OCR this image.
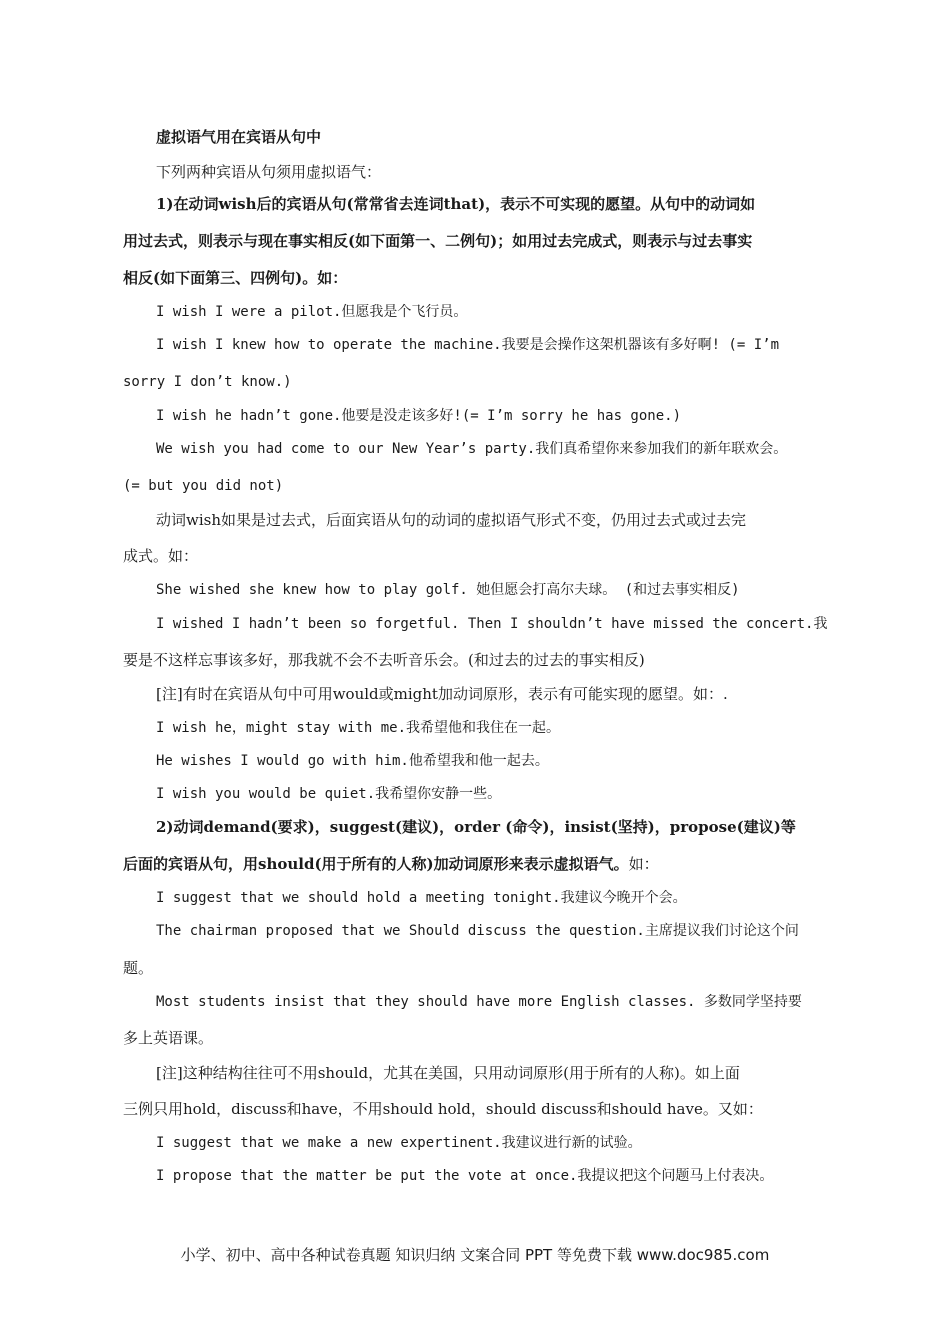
虚拟语气用在宾语从句中
下列两种宾语从句须用虚拟语气：
1)在动词wish后的宾语从句(常常省去连词that)，表示不可实现的愿望。从句中的动词如
用过去式，则表示与现在事实相反(如下面第一、二例句)；如用过去完成式，则表示与过去事实
相反(如下面第三、四例句)。如：
I wish I were a pilot.但愿我是个飞行员。
I wish I knew how to operate the machine.我要是会操作这架机器该有多好啊! (= I’m
sorry I don’t know.)
I wish he hadn’t gone.他要是没走该多好!(= I’m sorry he has gone.)
We wish you had come to our New Year’s party.我们真希望你来参加我们的新年联欢会。
(= but you did not)
动词wish如果是过去式，后面宾语从句的动词的虚拟语气形式不变，仍用过去式或过去完
成式。如：
She wished she knew how to play golf. 她但愿会打高尔夫球。 (和过去事实相反)
I wished I hadn’t been so forgetful. Then I shouldn’t have missed the concert.我
要是不这样忘事该多好，那我就不会不去听音乐会。(和过去的过去的事实相反)
[注]有时在宾语从句中可用would或might加动词原形，表示有可能实现的愿望。如：.
I wish he，might stay with me.我希望他和我住在一起。
He wishes I would go with him.他希望我和他一起去。
I wish you would be quiet.我希望你安静一些。
2)动词demand(要求)，suggest(建议)，order (命令)，insist(坚持)，propose(建议)等
后面的宾语从句，用should(用于所有的人称)加动词原形来表示虚拟语气。如：
I suggest that we should hold a meeting tonight.我建议今晚开个会。
The chairman proposed that we Should discuss the question.主席提议我们讨论这个问
题。
Most students insist that they should have more English classes. 多数同学坚持要
多上英语课。
[注]这种结构往往可不用should，尤其在美国，只用动词原形(用于所有的人称)。如上面
三例只用hold，discuss和have，不用should hold，should discuss和should have。又如：
I suggest that we make a new expertinent.我建议进行新的试验。
I propose that the matter be put the vote at once.我提议把这个问题马上付表决。
小学、初中、高中各种试卷真题 知识归纳 文案合同 PPT 等免费下载 www.doc985.com
